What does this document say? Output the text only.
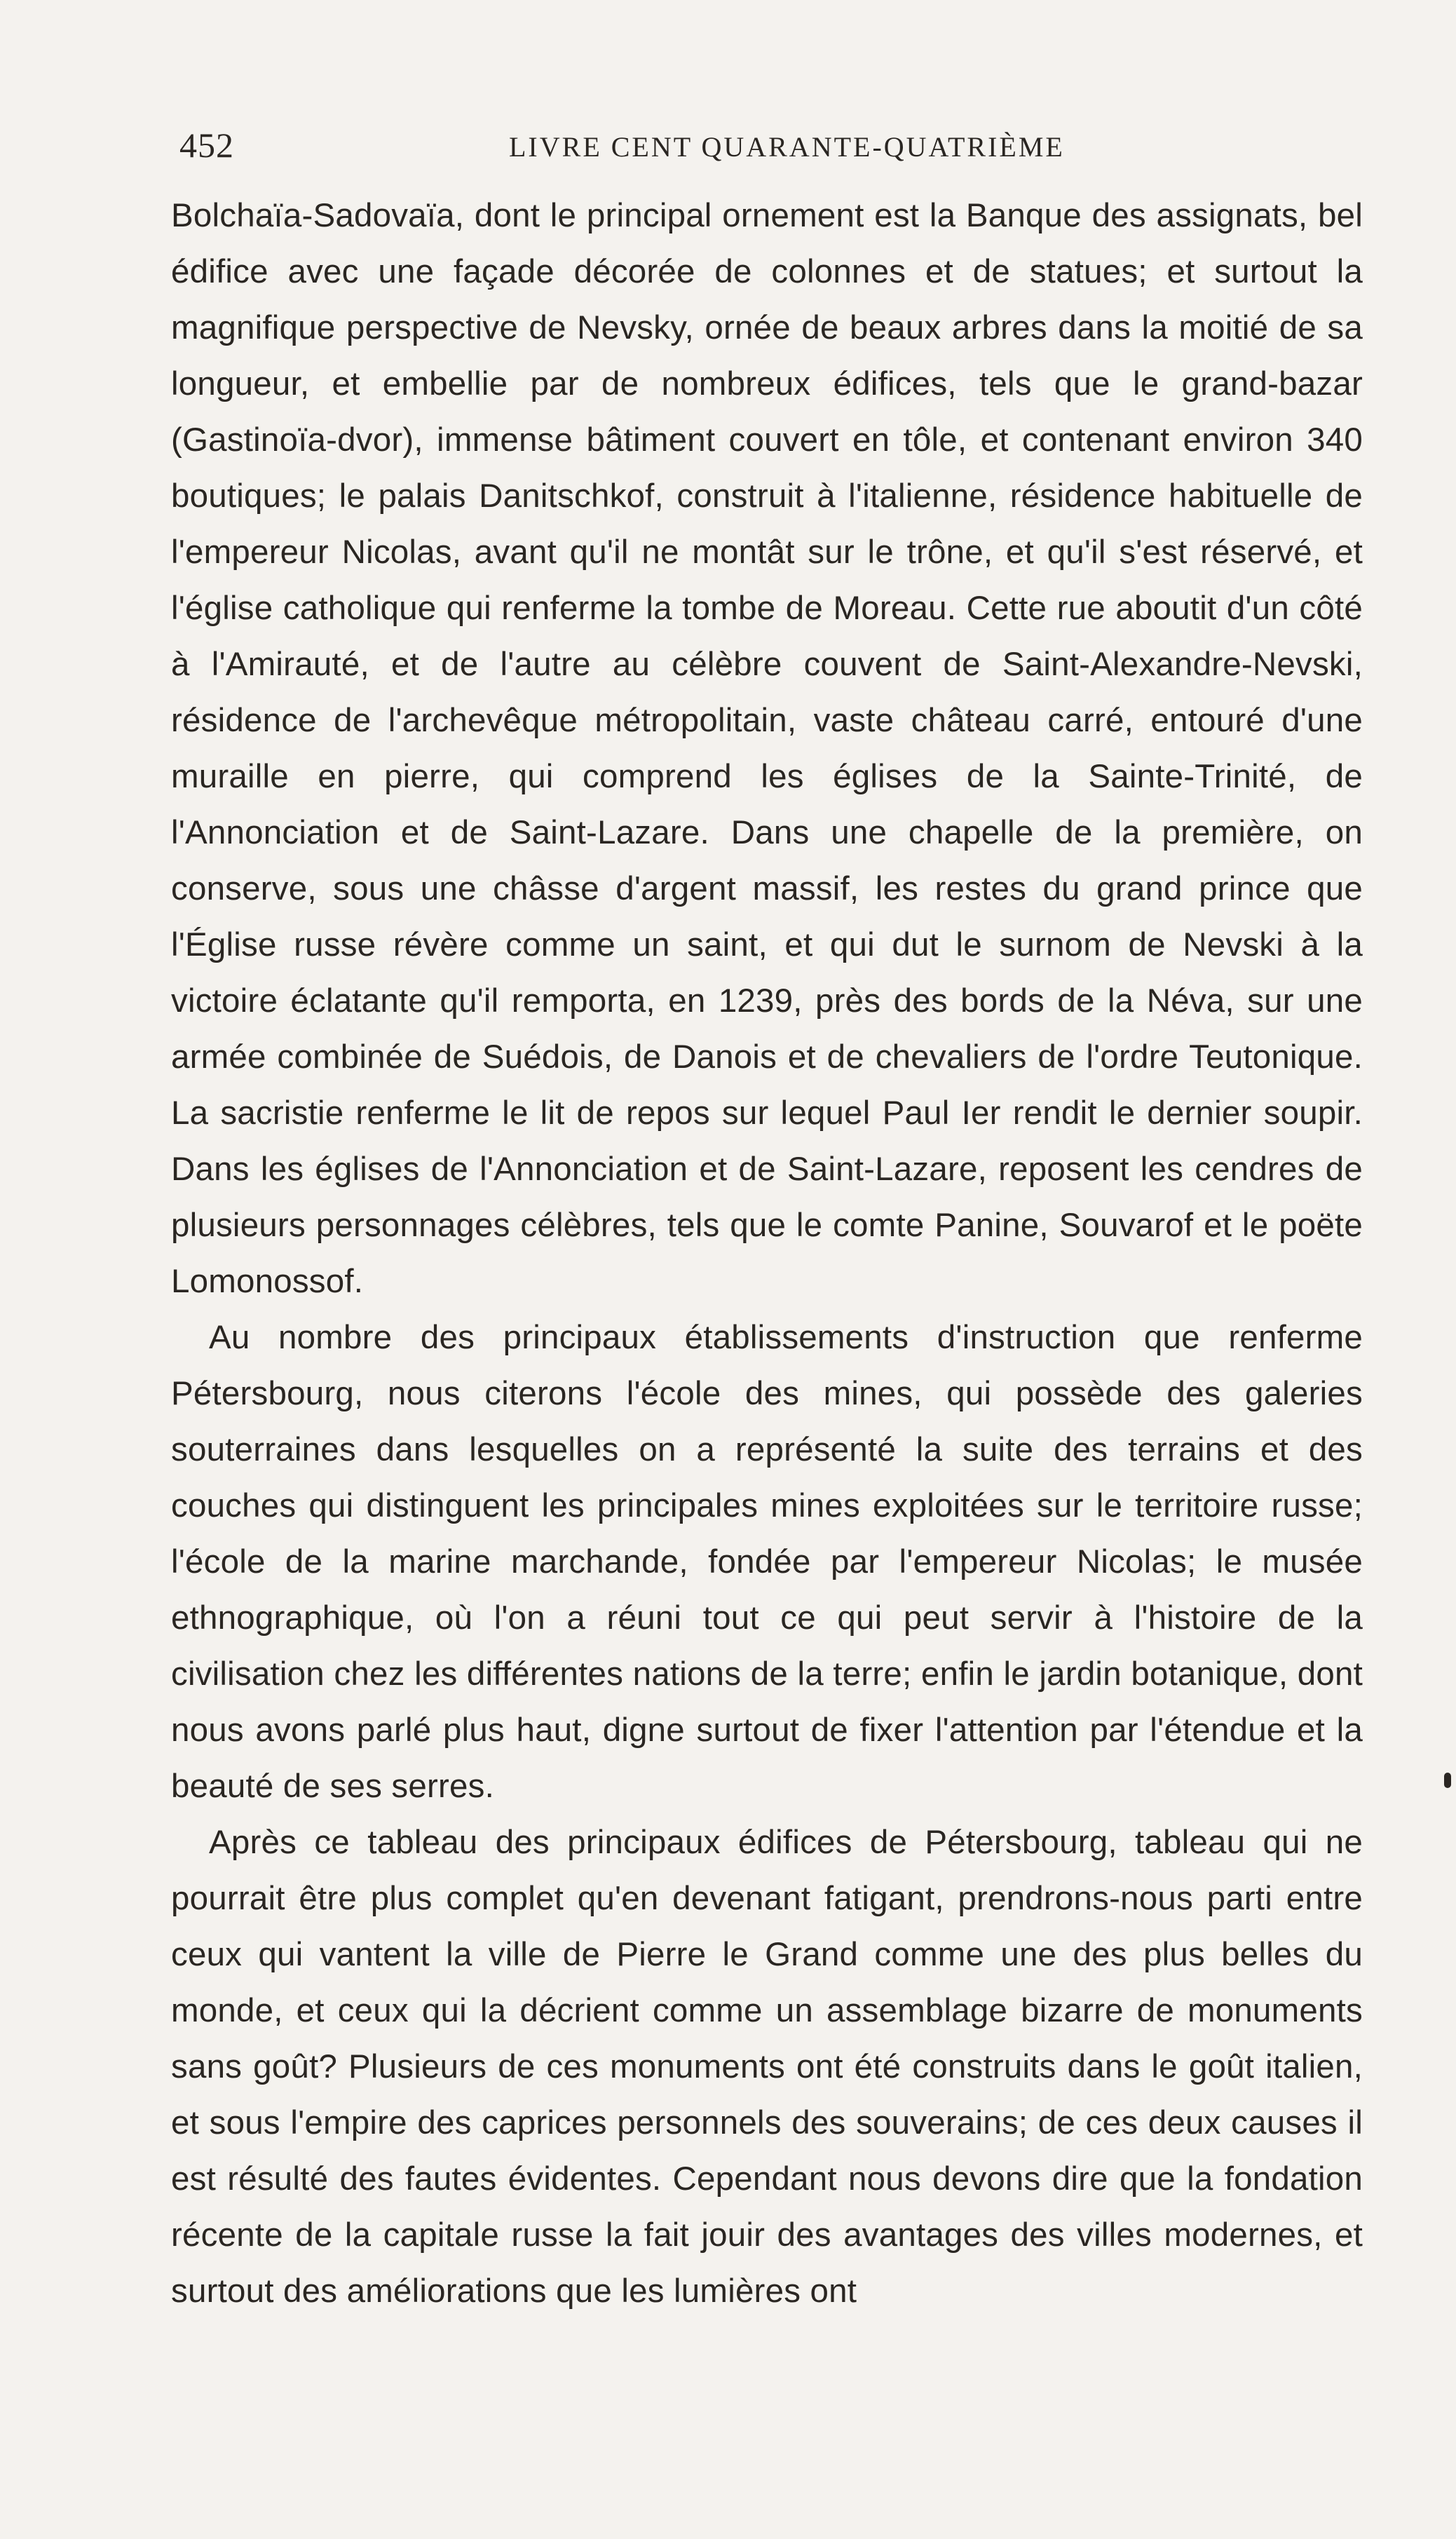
452	LIVRE CENT QUARANTE-QUATRIÈME

Bolchaïa-Sadovaïa, dont le principal ornement est la Banque des assignats, bel édifice avec une façade décorée de colonnes et de statues; et surtout la magnifique perspective de Nevsky, ornée de beaux arbres dans la moitié de sa longueur, et embellie par de nombreux édifices, tels que le grand-bazar (Gastinoïa-dvor), immense bâtiment couvert en tôle, et contenant environ 340 boutiques; le palais Danitschkof, construit à l'italienne, résidence habituelle de l'empereur Nicolas, avant qu'il ne montât sur le trône, et qu'il s'est réservé, et l'église catholique qui renferme la tombe de Moreau. Cette rue aboutit d'un côté à l'Amirauté, et de l'autre au célèbre couvent de Saint-Alexandre-Nevski, résidence de l'archevêque métropolitain, vaste château carré, entouré d'une muraille en pierre, qui comprend les églises de la Sainte-Trinité, de l'Annonciation et de Saint-Lazare. Dans une chapelle de la première, on conserve, sous une châsse d'argent massif, les restes du grand prince que l'Église russe révère comme un saint, et qui dut le surnom de Nevski à la victoire éclatante qu'il remporta, en 1239, près des bords de la Néva, sur une armée combinée de Suédois, de Danois et de chevaliers de l'ordre Teutonique. La sacristie renferme le lit de repos sur lequel Paul Ier rendit le dernier soupir. Dans les églises de l'Annonciation et de Saint-Lazare, reposent les cendres de plusieurs personnages célèbres, tels que le comte Panine, Souvarof et le poëte Lomonossof.

Au nombre des principaux établissements d'instruction que renferme Pétersbourg, nous citerons l'école des mines, qui possède des galeries souterraines dans lesquelles on a représenté la suite des terrains et des couches qui distinguent les principales mines exploitées sur le territoire russe; l'école de la marine marchande, fondée par l'empereur Nicolas; le musée ethnographique, où l'on a réuni tout ce qui peut servir à l'histoire de la civilisation chez les différentes nations de la terre; enfin le jardin botanique, dont nous avons parlé plus haut, digne surtout de fixer l'attention par l'étendue et la beauté de ses serres.

Après ce tableau des principaux édifices de Pétersbourg, tableau qui ne pourrait être plus complet qu'en devenant fatigant, prendrons-nous parti entre ceux qui vantent la ville de Pierre le Grand comme une des plus belles du monde, et ceux qui la décrient comme un assemblage bizarre de monuments sans goût? Plusieurs de ces monuments ont été construits dans le goût italien, et sous l'empire des caprices personnels des souverains; de ces deux causes il est résulté des fautes évidentes. Cependant nous devons dire que la fondation récente de la capitale russe la fait jouir des avantages des villes modernes, et surtout des améliorations que les lumières ont
